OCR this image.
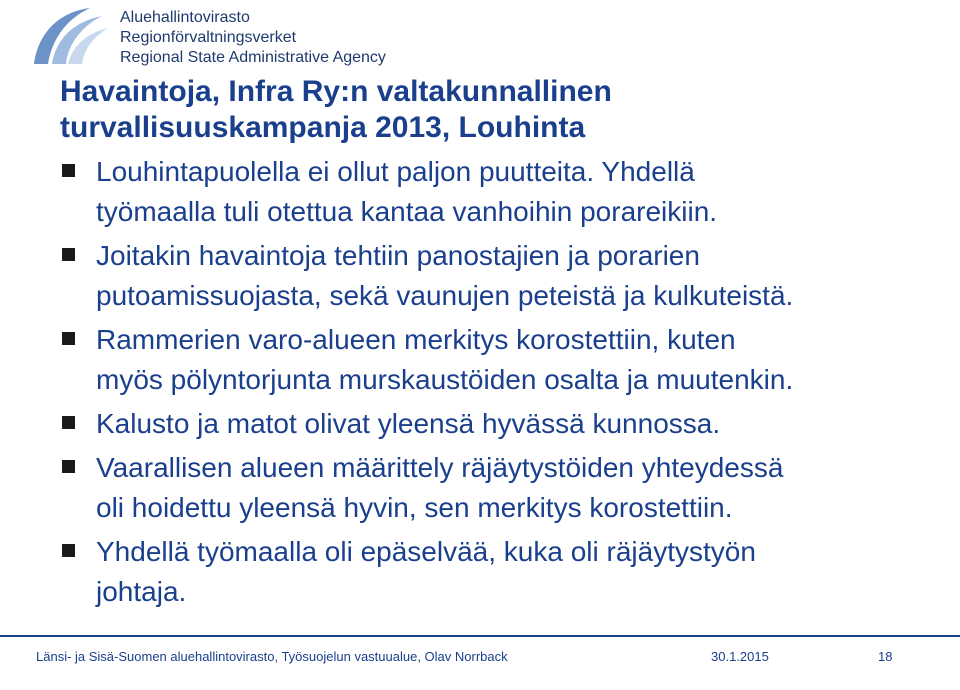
Aluehallintovirasto
Regionförvaltningsverket
Regional State Administrative Agency
Havaintoja, Infra Ry:n valtakunnallinen
turvallisuuskampanja 2013, Louhinta
Louhintapuolella ei ollut paljon puutteita. Yhdellä
työmaalla tuli otettua kantaa vanhoihin porareikiin.
Joitakin havaintoja tehtiin panostajien ja porarien
putoamissuojasta, sekä vaunujen peteistä ja kulkuteistä.
Rammerien varo-alueen merkitys korostettiin, kuten
myös pölyntorjunta murskaustöiden osalta ja muutenkin.
Kalusto ja matot olivat yleensä hyvässä kunnossa.
Vaarallisen alueen määrittely räjäytystöiden yhteydessä
oli hoidettu yleensä hyvin, sen merkitys korostettiin.
Yhdellä työmaalla oli epäselvää, kuka oli räjäytystyön
johtaja.
Länsi- ja Sisä-Suomen aluehallintovirasto, Työsuojelun vastuualue, Olav Norrback	30.1.2015	18
